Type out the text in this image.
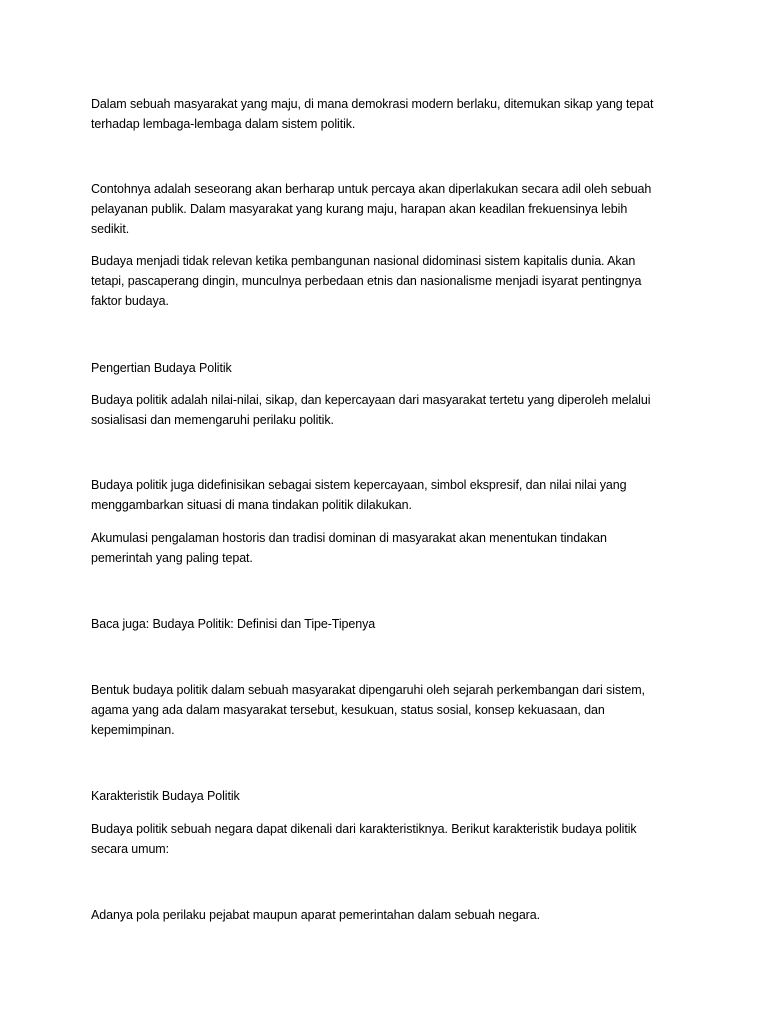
Dalam sebuah masyarakat yang maju, di mana demokrasi modern berlaku, ditemukan sikap yang tepat
terhadap lembaga-lembaga dalam sistem politik.

Contohnya adalah seseorang akan berharap untuk percaya akan diperlakukan secara adil oleh sebuah
pelayanan publik. Dalam masyarakat yang kurang maju, harapan akan keadilan frekuensinya lebih
sedikit.

Budaya menjadi tidak relevan ketika pembangunan nasional didominasi sistem kapitalis dunia. Akan
tetapi, pascaperang dingin, munculnya perbedaan etnis dan nasionalisme menjadi isyarat pentingnya
faktor budaya.

Pengertian Budaya Politik

Budaya politik adalah nilai-nilai, sikap, dan kepercayaan dari masyarakat tertetu yang diperoleh melalui
sosialisasi dan memengaruhi perilaku politik.

Budaya politik juga didefinisikan sebagai sistem kepercayaan, simbol ekspresif, dan nilai nilai yang
menggambarkan situasi di mana tindakan politik dilakukan.

Akumulasi pengalaman hostoris dan tradisi dominan di masyarakat akan menentukan tindakan
pemerintah yang paling tepat.

Baca juga: Budaya Politik: Definisi dan Tipe-Tipenya

Bentuk budaya politik dalam sebuah masyarakat dipengaruhi oleh sejarah perkembangan dari sistem,
agama yang ada dalam masyarakat tersebut, kesukuan, status sosial, konsep kekuasaan, dan
kepemimpinan.

Karakteristik Budaya Politik

Budaya politik sebuah negara dapat dikenali dari karakteristiknya. Berikut karakteristik budaya politik
secara umum:

Adanya pola perilaku pejabat maupun aparat pemerintahan dalam sebuah negara.
